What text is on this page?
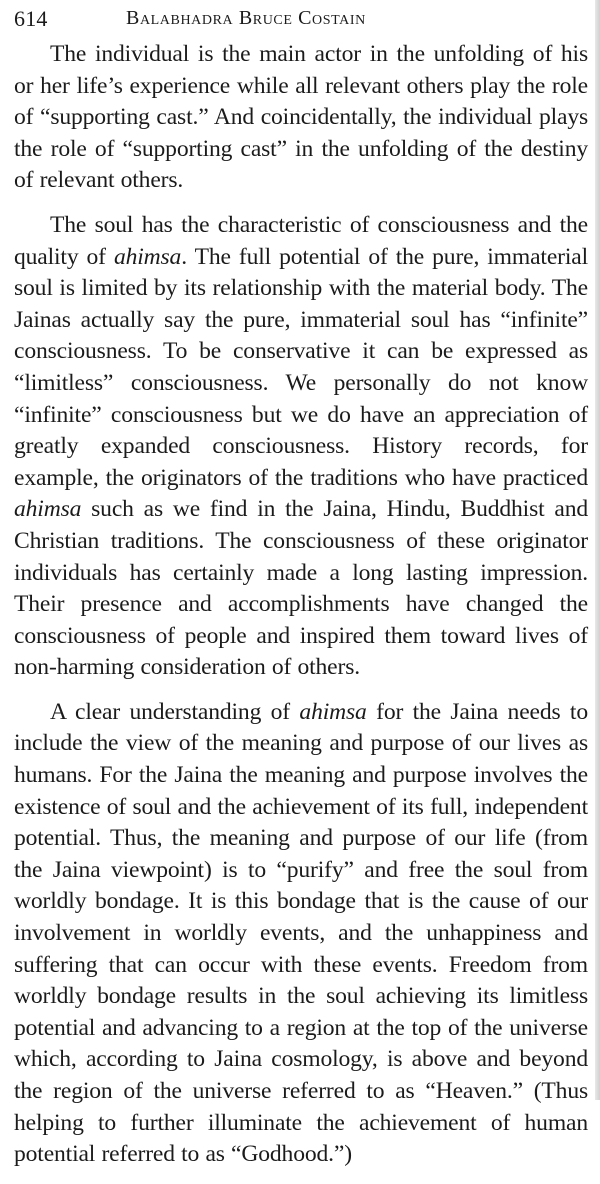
614	Balabhadra Bruce Costain

The individual is the main actor in the unfolding of his or her life’s experience while all relevant others play the role of “supporting cast.” And coincidentally, the individual plays the role of “supporting cast” in the unfolding of the destiny of relevant others.

The soul has the characteristic of consciousness and the quality of ahimsa. The full potential of the pure, immaterial soul is limited by its relationship with the material body. The Jainas actually say the pure, immaterial soul has “infinite” consciousness. To be conservative it can be expressed as “limitless” consciousness. We personally do not know “infinite” consciousness but we do have an appreciation of greatly expanded consciousness. History records, for example, the originators of the traditions who have practiced ahimsa such as we find in the Jaina, Hindu, Buddhist and Christian traditions. The consciousness of these originator individuals has certainly made a long lasting impression. Their presence and accomplishments have changed the consciousness of people and inspired them toward lives of non-harming consideration of others.

A clear understanding of ahimsa for the Jaina needs to include the view of the meaning and purpose of our lives as humans. For the Jaina the meaning and purpose involves the existence of soul and the achievement of its full, independent potential. Thus, the meaning and purpose of our life (from the Jaina viewpoint) is to “purify” and free the soul from worldly bondage. It is this bondage that is the cause of our involvement in worldly events, and the unhappiness and suffering that can occur with these events. Freedom from worldly bondage results in the soul achieving its limitless potential and advancing to a region at the top of the universe which, according to Jaina cosmology, is above and beyond the region of the universe referred to as “Heaven.” (Thus helping to further illuminate the achievement of human potential referred to as “Godhood.”)
